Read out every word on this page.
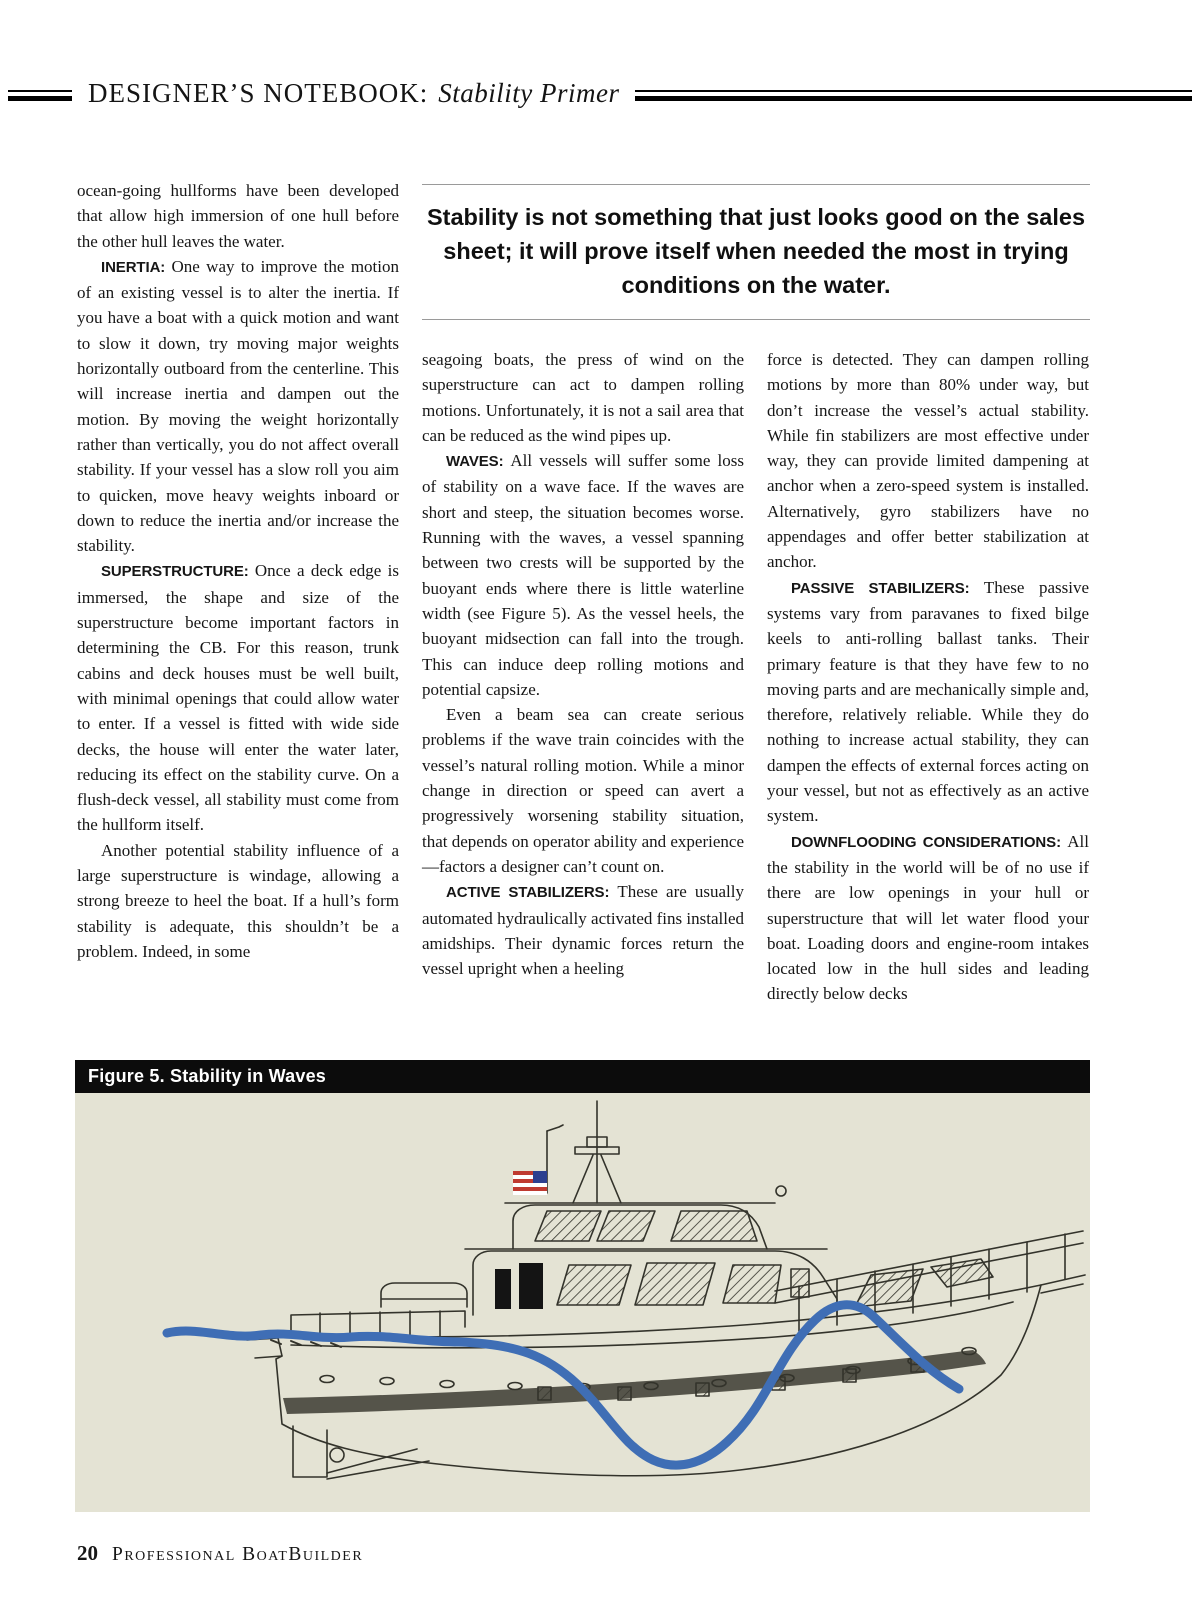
DESIGNER’S NOTEBOOK: Stability Primer

ocean-going hullforms have been developed that allow high immersion of one hull before the other hull leaves the water.

INERTIA: One way to improve the motion of an existing vessel is to alter the inertia. If you have a boat with a quick motion and want to slow it down, try moving major weights horizontally outboard from the centerline. This will increase inertia and dampen out the motion. By moving the weight horizontally rather than vertically, you do not affect overall stability. If your vessel has a slow roll you aim to quicken, move heavy weights inboard or down to reduce the inertia and/or increase the stability.

SUPERSTRUCTURE: Once a deck edge is immersed, the shape and size of the superstructure become important factors in determining the CB. For this reason, trunk cabins and deck houses must be well built, with minimal openings that could allow water to enter. If a vessel is fitted with wide side decks, the house will enter the water later, reducing its effect on the stability curve. On a flush-deck vessel, all stability must come from the hullform itself.

Another potential stability influence of a large superstructure is windage, allowing a strong breeze to heel the boat. If a hull’s form stability is adequate, this shouldn’t be a problem. Indeed, in some

Stability is not something that just looks good on the sales sheet; it will prove itself when needed the most in trying conditions on the water.

seagoing boats, the press of wind on the superstructure can act to dampen rolling motions. Unfortunately, it is not a sail area that can be reduced as the wind pipes up.

WAVES: All vessels will suffer some loss of stability on a wave face. If the waves are short and steep, the situation becomes worse. Running with the waves, a vessel spanning between two crests will be supported by the buoyant ends where there is little waterline width (see Figure 5). As the vessel heels, the buoyant midsection can fall into the trough. This can induce deep rolling motions and potential capsize.

Even a beam sea can create serious problems if the wave train coincides with the vessel’s natural rolling motion. While a minor change in direction or speed can avert a progressively worsening stability situation, that depends on operator ability and experience—factors a designer can’t count on.

ACTIVE STABILIZERS: These are usually automated hydraulically activated fins installed amidships. Their dynamic forces return the vessel upright when a heeling

force is detected. They can dampen rolling motions by more than 80% under way, but don’t increase the vessel’s actual stability. While fin stabilizers are most effective under way, they can provide limited dampening at anchor when a zero-speed system is installed. Alternatively, gyro stabilizers have no appendages and offer better stabilization at anchor.

PASSIVE STABILIZERS: These passive systems vary from paravanes to fixed bilge keels to anti-rolling ballast tanks. Their primary feature is that they have few to no moving parts and are mechanically simple and, therefore, relatively reliable. While they do nothing to increase actual stability, they can dampen the effects of external forces acting on your vessel, but not as effectively as an active system.

DOWNFLOODING CONSIDERATIONS: All the stability in the world will be of no use if there are low openings in your hull or superstructure that will let water flood your boat. Loading doors and engine-room intakes located low in the hull sides and leading directly below decks

Figure 5. Stability in Waves
20 Professional BoatBuilder
